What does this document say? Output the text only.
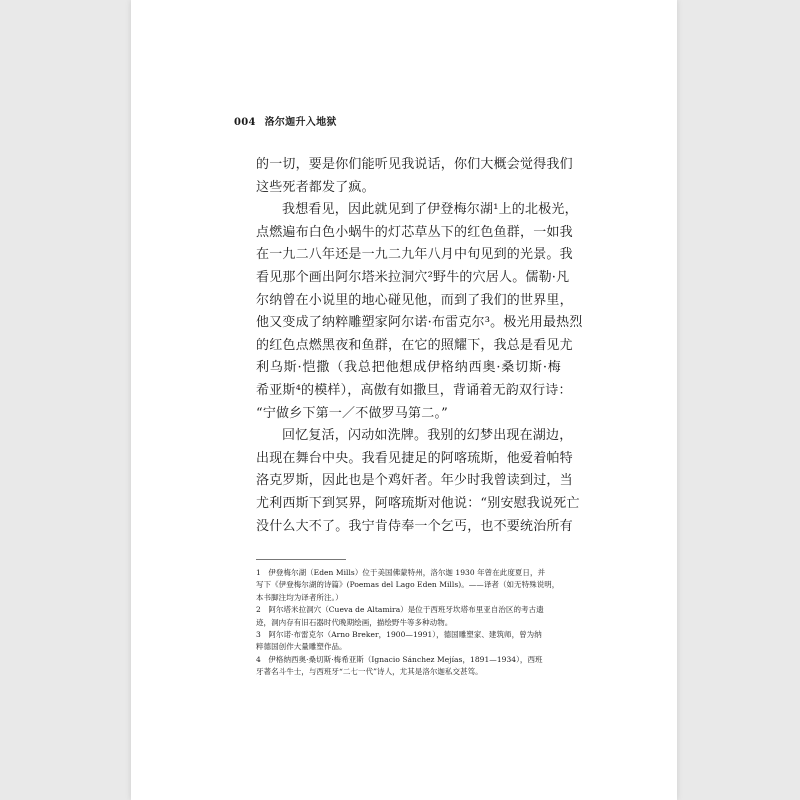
004 洛尔迦升入地狱
的一切，要是你们能听见我说话，你们大概会觉得我们
这些死者都发了疯。
我想看见，因此就见到了伊登梅尔湖¹上的北极光，
点燃遍布白色小蜗牛的灯芯草丛下的红色鱼群，一如我
在一九二八年还是一九二九年八月中旬见到的光景。我
看见那个画出阿尔塔米拉洞穴²野牛的穴居人。儒勒·凡
尔纳曾在小说里的地心碰见他，而到了我们的世界里，
他又变成了纳粹雕塑家阿尔诺·布雷克尔³。极光用最热烈
的红色点燃黑夜和鱼群，在它的照耀下，我总是看见尤
利乌斯·恺撒（我总把他想成伊格纳西奥·桑切斯·梅
希亚斯⁴的模样），高傲有如撒旦，背诵着无韵双行诗：
“宁做乡下第一／不做罗马第二。”
回忆复活，闪动如洗牌。我别的幻梦出现在湖边，
出现在舞台中央。我看见捷足的阿喀琉斯，他爱着帕特
洛克罗斯，因此也是个鸡奸者。年少时我曾读到过，当
尤利西斯下到冥界，阿喀琉斯对他说：“别安慰我说死亡
没什么大不了。我宁肯侍奉一个乞丐，也不要统治所有
1　伊登梅尔湖（Eden Mills）位于美国佛蒙特州，洛尔迦 1930 年曾在此度夏日，并
写下《伊登梅尔湖的诗篇》(Poemas del Lago Eden Mills)。——译者（如无特殊说明，
本书脚注均为译者所注。）
2　阿尔塔米拉洞穴（Cueva de Altamira）是位于西班牙坎塔布里亚自治区的考古遗
迹，洞内存有旧石器时代晚期绘画，描绘野牛等多种动物。
3　阿尔诺·布雷克尔（Arno Breker，1900—1991），德国雕塑家、建筑师，曾为纳
粹德国创作大量雕塑作品。
4　伊格纳西奥·桑切斯·梅希亚斯（Ignacio Sánchez Mejías，1891—1934），西班
牙著名斗牛士，与西班牙“二七一代”诗人，尤其是洛尔迦私交甚笃。
